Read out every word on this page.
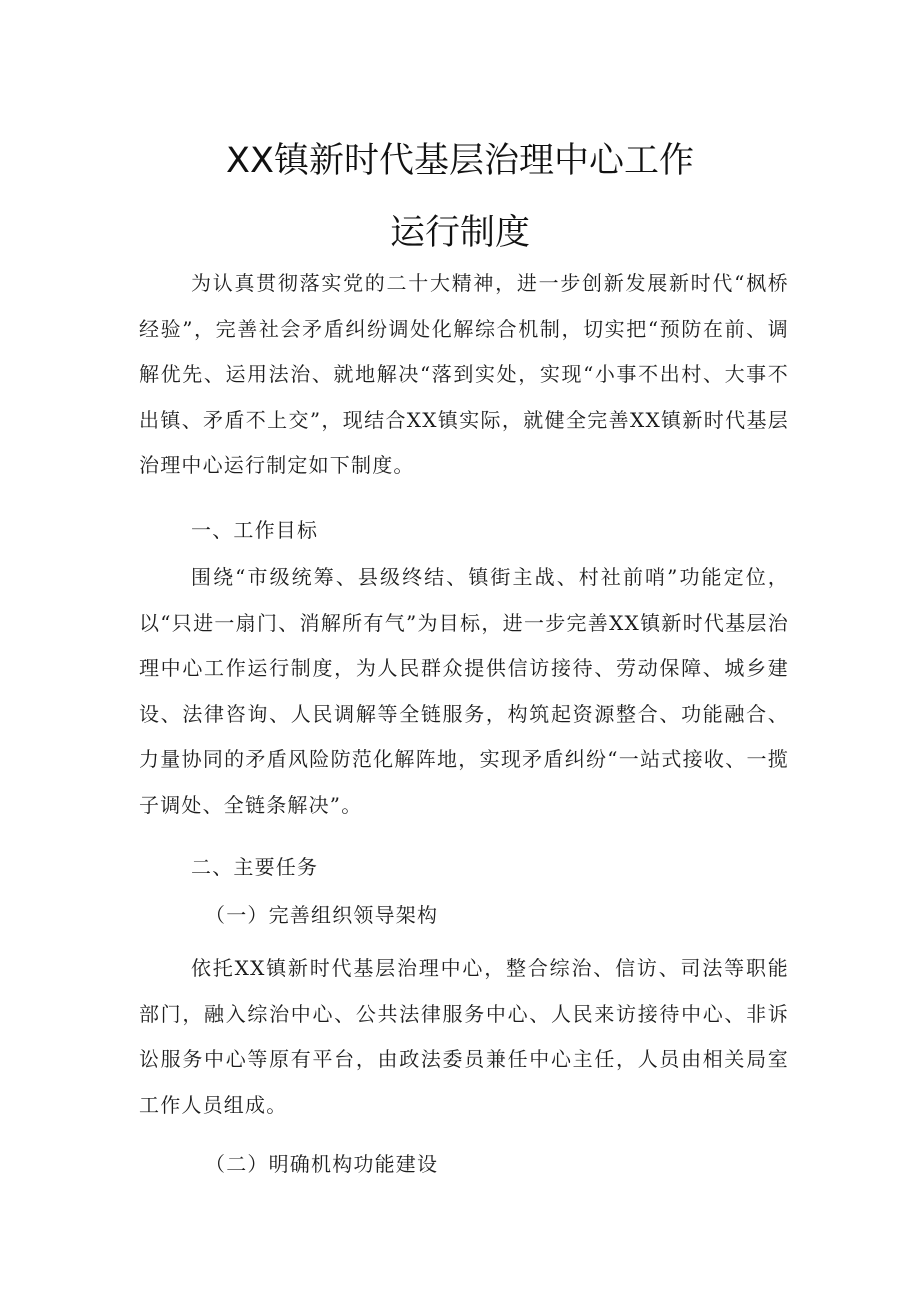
XX镇新时代基层治理中心工作
运行制度

为认真贯彻落实党的二十大精神，进一步创新发展新时代“枫桥经验”，完善社会矛盾纠纷调处化解综合机制，切实把“预防在前、调解优先、运用法治、就地解决“落到实处，实现“小事不出村、大事不出镇、矛盾不上交”，现结合XX镇实际，就健全完善XX镇新时代基层治理中心运行制定如下制度。

一、工作目标

围绕“市级统筹、县级终结、镇街主战、村社前哨”功能定位，以“只进一扇门、消解所有气”为目标，进一步完善XX镇新时代基层治理中心工作运行制度，为人民群众提供信访接待、劳动保障、城乡建设、法律咨询、人民调解等全链服务，构筑起资源整合、功能融合、力量协同的矛盾风险防范化解阵地，实现矛盾纠纷“一站式接收、一揽子调处、全链条解决”。

二、主要任务

（一）完善组织领导架构

依托XX镇新时代基层治理中心，整合综治、信访、司法等职能部门，融入综治中心、公共法律服务中心、人民来访接待中心、非诉讼服务中心等原有平台，由政法委员兼任中心主任，人员由相关局室工作人员组成。

（二）明确机构功能建设
